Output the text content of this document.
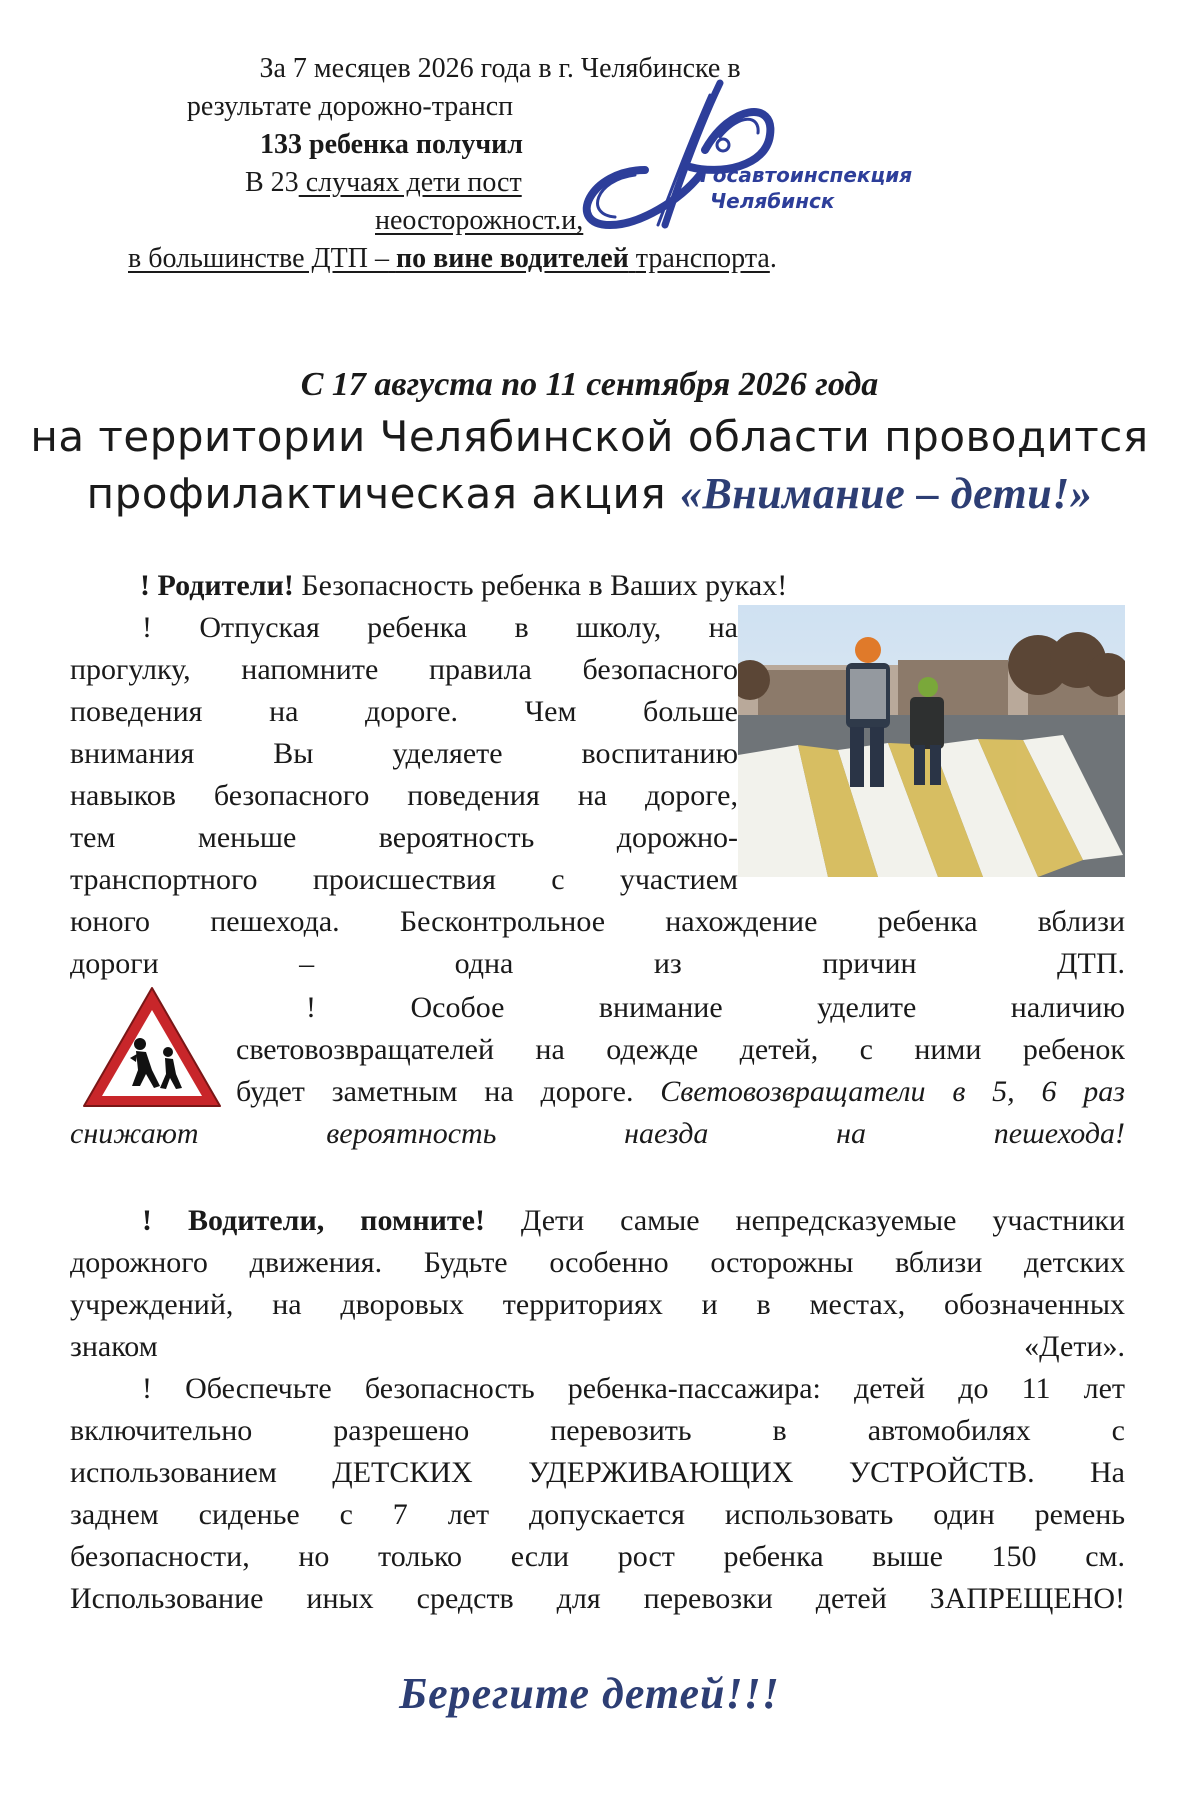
За 7 месяцев 2026 года в г. Челябинске в
результате дорожно-трансп
133 ребенка получил
В 23 случаях дети пост
неосторожност.и,
в большинстве ДТП – по вине водителей транспорта.
Госавтоинспекция
Челябинск
С 17 августа по 11 сентября 2026 года
на территории Челябинской области проводится
профилактическая акция «Внимание – дети!»
! Родители! Безопасность ребенка в Ваших руках!
! Отпуская ребенка в школу, на
прогулку, напомните правила безопасного
поведения на дороге. Чем больше
внимания Вы уделяете воспитанию
навыков безопасного поведения на дороге,
тем меньше вероятность дорожно-
транспортного происшествия с участием
юного пешехода. Бесконтрольное нахождение ребенка вблизи
дороги – одна из причин ДТП.
! Особое внимание уделите наличию
световозвращателей на одежде детей, с ними ребенок
будет заметным на дороге. Световозвращатели в 5, 6 раз
снижают вероятность наезда на пешехода!
! Водители, помните! Дети самые непредсказуемые участники
дорожного движения. Будьте особенно осторожны вблизи детских
учреждений, на дворовых территориях и в местах, обозначенных
знаком «Дети».
! Обеспечьте безопасность ребенка-пассажира: детей до 11 лет
включительно разрешено перевозить в автомобилях с
использованием ДЕТСКИХ УДЕРЖИВАЮЩИХ УСТРОЙСТВ. На
заднем сиденье с 7 лет допускается использовать один ремень
безопасности, но только если рост ребенка выше 150 см.
Использование иных средств для перевозки детей ЗАПРЕЩЕНО!
Берегите детей!!!
